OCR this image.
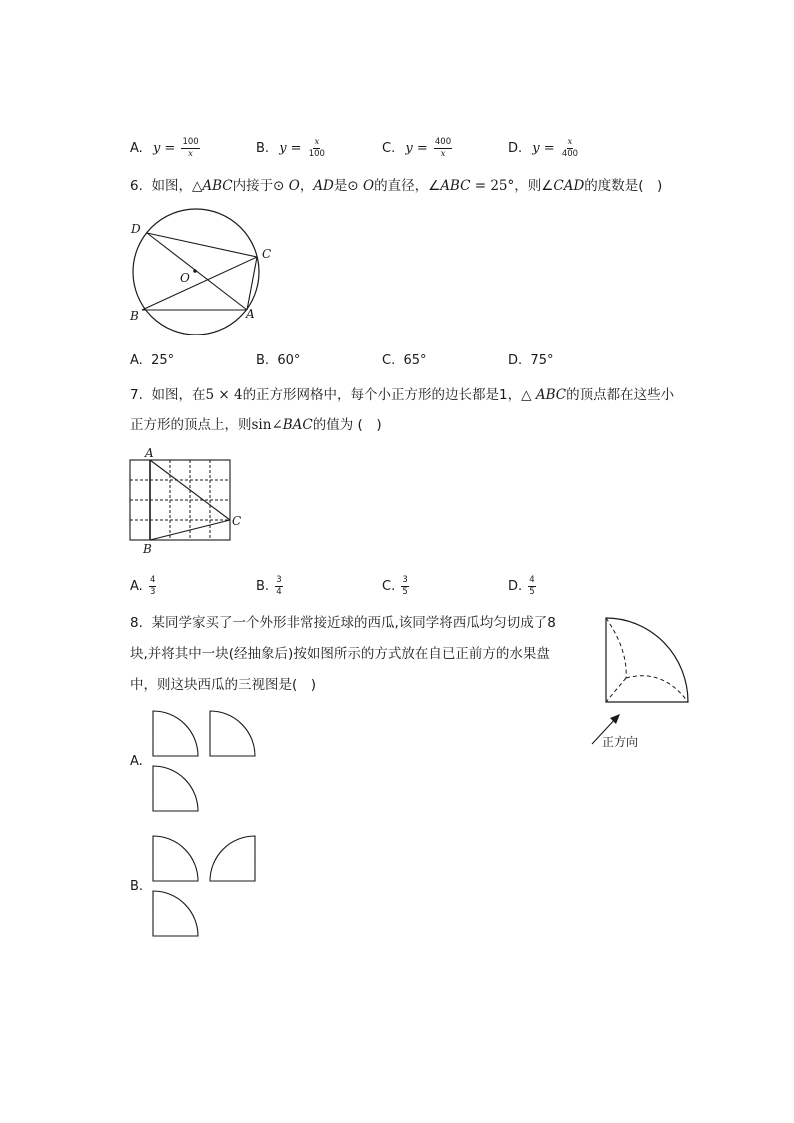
A. $y = \frac{100}{x}$	B. $y = \frac{x}{100}$	C. $y = \frac{400}{x}$	D. $y = \frac{x}{400}$
6. 如图，△ABC内接于⊙ O，AD是⊙ O的直径，∠ABC = 25°，则∠CAD的度数是(　)
D
C
O
B	A
A. 25°	B. 60°	C. 65°	D. 75°
7. 如图，在5 × 4的正方形网格中，每个小正方形的边长都是1，△ ABC的顶点都在这些小
正方形的顶点上，则sin∠BAC的值为 (　)
A
B
C
A. $\frac{4}{3}$	B. $\frac{3}{4}$	C. $\frac{3}{5}$	D. $\frac{4}{5}$
8. 某同学家买了一个外形非常接近球的西瓜,该同学将西瓜均匀切成了8
块,并将其中一块(经抽象后)按如图所示的方式放在自已正前方的水果盘
中，则这块西瓜的三视图是(　)
正方向
A.
B.
